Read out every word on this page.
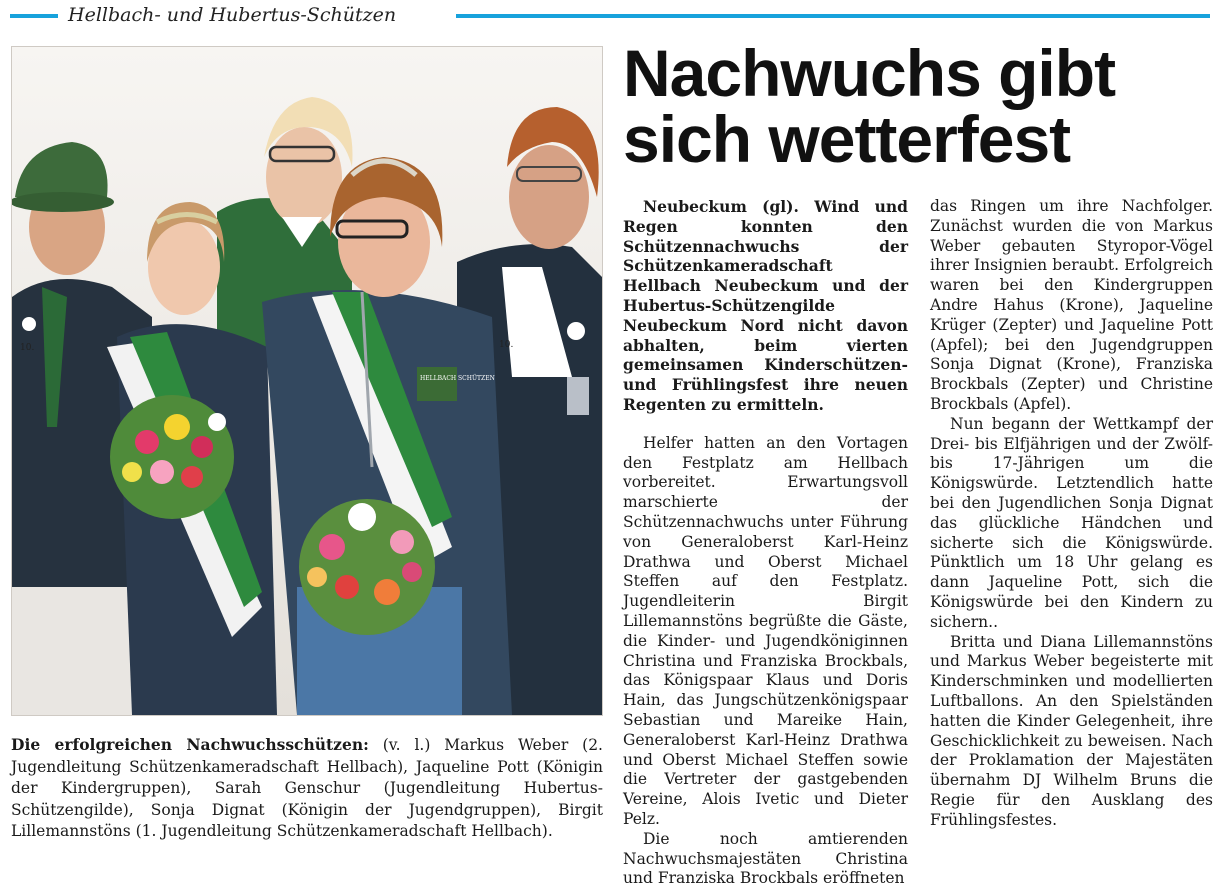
Hellbach- und Hubertus-Schützen
10.	10.
HELLBACH SCHÜTZEN
Die erfolgreichen Nachwuchsschützen: (v. l.) Markus Weber (2. Jugendleitung Schützenkameradschaft Hellbach), Jaqueline Pott (Königin der Kindergruppen), Sarah Genschur (Jugendleitung Hubertus-Schützengilde), Sonja Dignat (Königin der Jugendgruppen), Birgit Lillemannstöns (1. Jugendleitung Schützenkameradschaft Hellbach).
Nachwuchs gibt
sich wetterfest

Neubeckum (gl). Wind und Regen konnten den Schützennachwuchs der Schützenkameradschaft Hellbach Neubeckum und der Hubertus-Schützengilde Neubeckum Nord nicht davon abhalten, beim vierten gemeinsamen Kinderschützen- und Frühlingsfest ihre neuen Regenten zu ermitteln.

Helfer hatten an den Vortagen den Festplatz am Hellbach vorbereitet. Erwartungsvoll marschierte der Schützennachwuchs unter Führung von Generaloberst Karl-Heinz Drathwa und Oberst Michael Steffen auf den Festplatz. Jugendleiterin Birgit Lillemannstöns begrüßte die Gäste, die Kinder- und Jugendköniginnen Christina und Franziska Brockbals, das Königspaar Klaus und Doris Hain, das Jungschützenkönigspaar Sebastian und Mareike Hain, Generaloberst Karl-Heinz Drathwa und Oberst Michael Steffen sowie die Vertreter der gastgebenden Vereine, Alois Ivetic und Dieter Pelz.

Die noch amtierenden Nachwuchsmajestäten Christina und Franziska Brockbals eröffneten

das Ringen um ihre Nachfolger. Zunächst wurden die von Markus Weber gebauten Styropor-Vögel ihrer Insignien beraubt. Erfolgreich waren bei den Kindergruppen Andre Hahus (Krone), Jaqueline Krüger (Zepter) und Jaqueline Pott (Apfel); bei den Jugendgruppen Sonja Dignat (Krone), Franziska Brockbals (Zepter) und Christine Brockbals (Apfel).

Nun begann der Wettkampf der Drei- bis Elfjährigen und der Zwölf- bis 17-Jährigen um die Königswürde. Letztendlich hatte bei den Jugendlichen Sonja Dignat das glückliche Händchen und sicherte sich die Königswürde. Pünktlich um 18 Uhr gelang es dann Jaqueline Pott, sich die Königswürde bei den Kindern zu sichern..

Britta und Diana Lillemannstöns und Markus Weber begeisterte mit Kinderschminken und modellierten Luftballons. An den Spielständen hatten die Kinder Gelegenheit, ihre Geschicklichkeit zu beweisen. Nach der Proklamation der Majestäten übernahm DJ Wilhelm Bruns die Regie für den Ausklang des Frühlingsfestes.
